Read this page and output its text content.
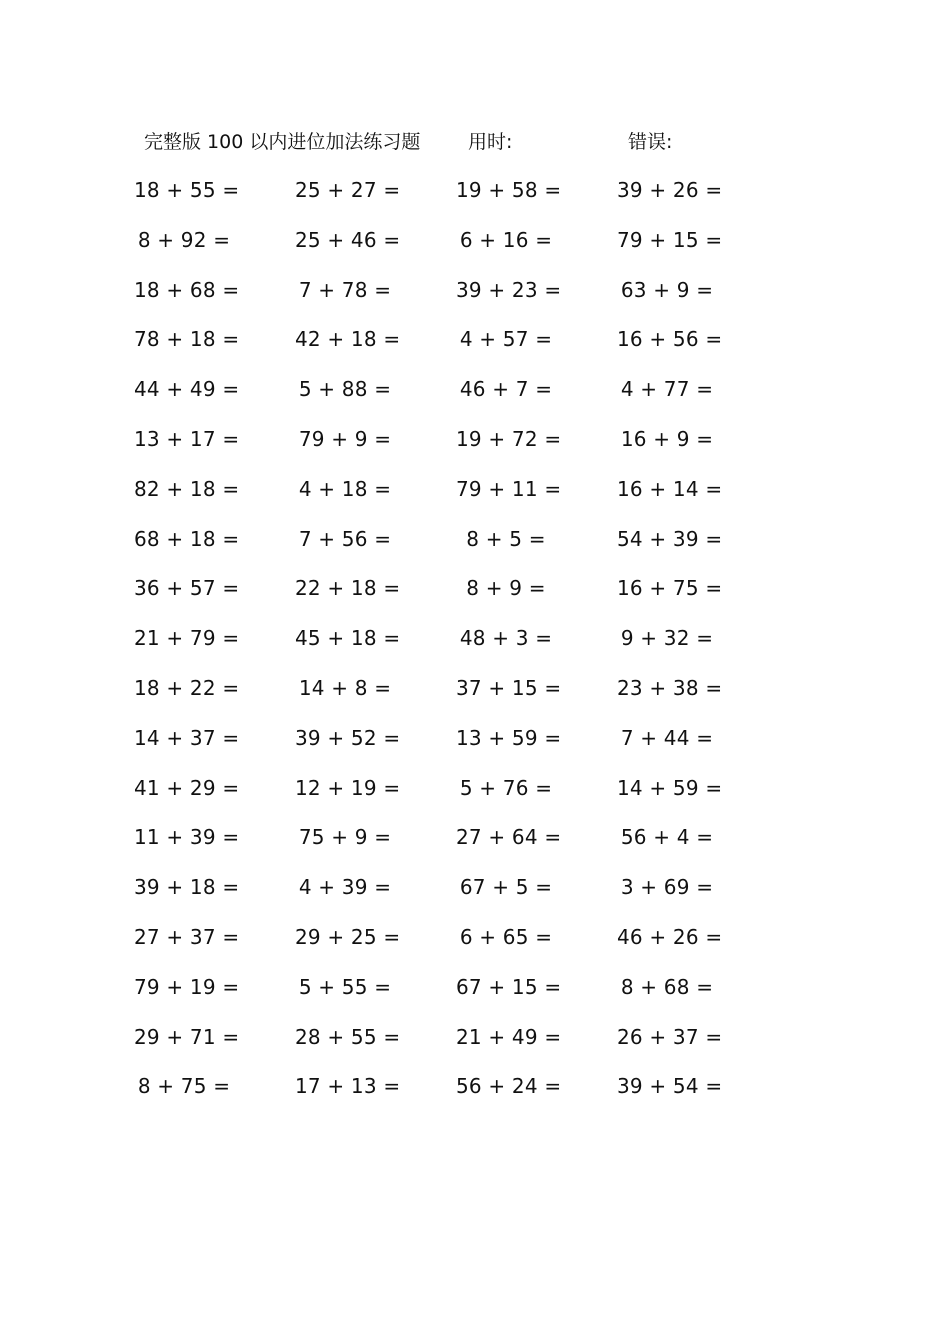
完整版 100 以内进位加法练习题	用时:	错误:
18 + 55 =	25 + 27 =	19 + 58 =	39 + 26 =
8 + 92 =	25 + 46 =	6 + 16 =	79 + 15 =
18 + 68 =	7 + 78 =	39 + 23 =	63 + 9 =
78 + 18 =	42 + 18 =	4 + 57 =	16 + 56 =
44 + 49 =	5 + 88 =	46 + 7 =	4 + 77 =
13 + 17 =	79 + 9 =	19 + 72 =	16 + 9 =
82 + 18 =	4 + 18 =	79 + 11 =	16 + 14 =
68 + 18 =	7 + 56 =	8 + 5 =	54 + 39 =
36 + 57 =	22 + 18 =	8 + 9 =	16 + 75 =
21 + 79 =	45 + 18 =	48 + 3 =	9 + 32 =
18 + 22 =	14 + 8 =	37 + 15 =	23 + 38 =
14 + 37 =	39 + 52 =	13 + 59 =	7 + 44 =
41 + 29 =	12 + 19 =	5 + 76 =	14 + 59 =
11 + 39 =	75 + 9 =	27 + 64 =	56 + 4 =
39 + 18 =	4 + 39 =	67 + 5 =	3 + 69 =
27 + 37 =	29 + 25 =	6 + 65 =	46 + 26 =
79 + 19 =	5 + 55 =	67 + 15 =	8 + 68 =
29 + 71 =	28 + 55 =	21 + 49 =	26 + 37 =
8 + 75 =	17 + 13 =	56 + 24 =	39 + 54 =
